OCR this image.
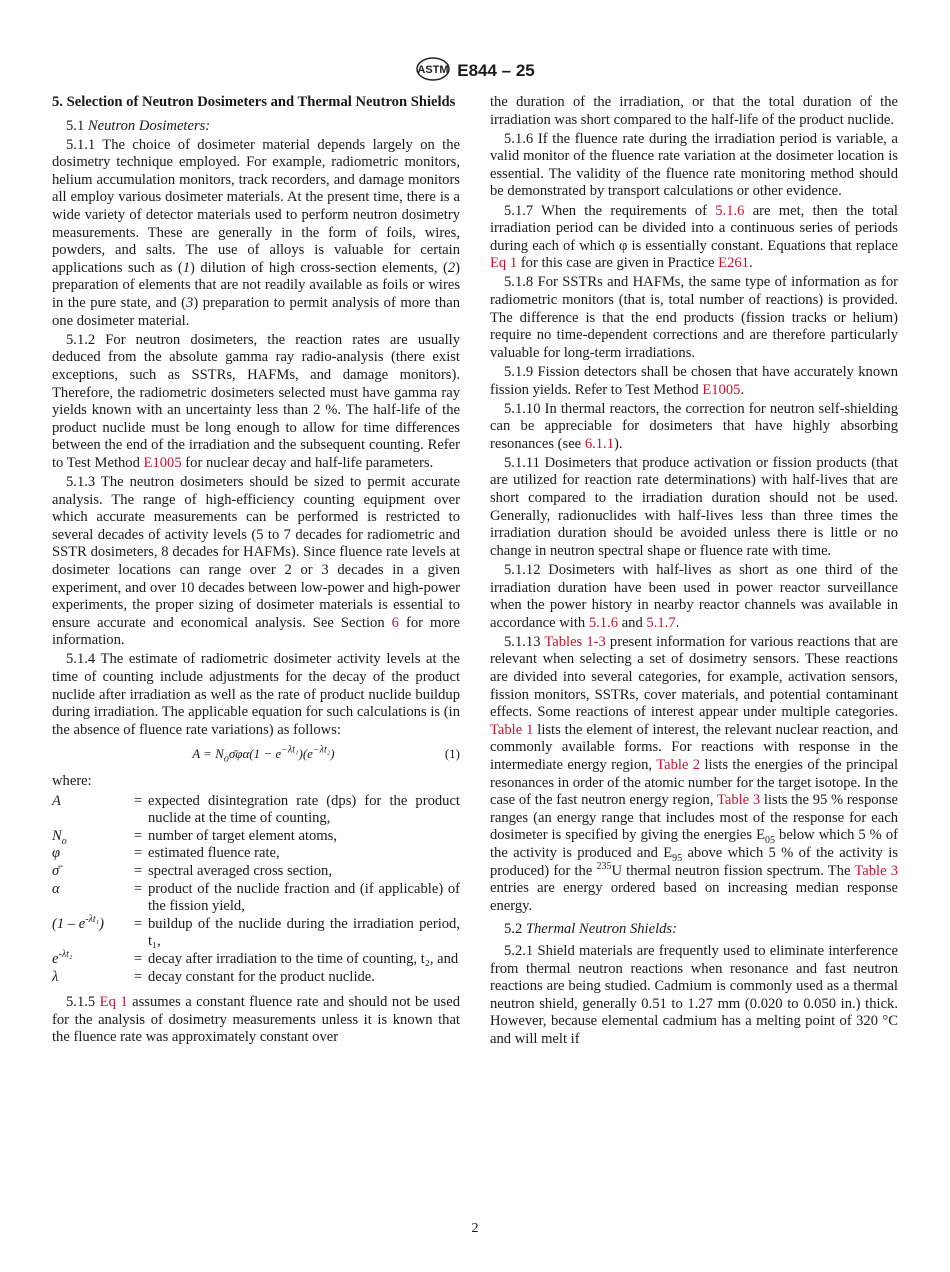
ASTM E844 – 25

5. Selection of Neutron Dosimeters and Thermal Neutron Shields

5.1 Neutron Dosimeters:

5.1.1 The choice of dosimeter material depends largely on the dosimetry technique employed. For example, radiometric monitors, helium accumulation monitors, track recorders, and damage monitors all employ various dosimeter materials. At the present time, there is a wide variety of detector materials used to perform neutron dosimetry measurements. These are generally in the form of foils, wires, powders, and salts. The use of alloys is valuable for certain applications such as (1) dilution of high cross-section elements, (2) preparation of elements that are not readily available as foils or wires in the pure state, and (3) preparation to permit analysis of more than one dosimeter material.

5.1.2 For neutron dosimeters, the reaction rates are usually deduced from the absolute gamma ray radio-analysis (there exist exceptions, such as SSTRs, HAFMs, and damage monitors). Therefore, the radiometric dosimeters selected must have gamma ray yields known with an uncertainty less than 2 %. The half-life of the product nuclide must be long enough to allow for time differences between the end of the irradiation and the subsequent counting. Refer to Test Method E1005 for nuclear decay and half-life parameters.

5.1.3 The neutron dosimeters should be sized to permit accurate analysis. The range of high-efficiency counting equipment over which accurate measurements can be performed is restricted to several decades of activity levels (5 to 7 decades for radiometric and SSTR dosimeters, 8 decades for HAFMs). Since fluence rate levels at dosimeter locations can range over 2 or 3 decades in a given experiment, and over 10 decades between low-power and high-power experiments, the proper sizing of dosimeter materials is essential to ensure accurate and economical analysis. See Section 6 for more information.

5.1.4 The estimate of radiometric dosimeter activity levels at the time of counting include adjustments for the decay of the product nuclide after irradiation as well as the rate of product nuclide buildup during irradiation. The applicable equation for such calculations is (in the absence of fluence rate variations) as follows:

$A = N_o\sigmā\varphi\alpha(1 - e^{-\lambda t_1})(e^{-\lambda t_2})$	(1)
where:
A	= expected disintegration rate (dps) for the product nuclide at the time of counting,
$N_o$	= number of target element atoms,
φ	= estimated fluence rate,
σ̄	= spectral averaged cross section,
α	= product of the nuclide fraction and (if applicable) of the fission yield,
$(1 - e^{-\lambda t_1})$	= buildup of the nuclide during the irradiation period, t₁,
$e^{-\lambda t_2}$	= decay after irradiation to the time of counting, t₂, and
λ	= decay constant for the product nuclide.

5.1.5 Eq 1 assumes a constant fluence rate and should not be used for the analysis of dosimetry measurements unless it is known that the fluence rate was approximately constant over

the duration of the irradiation, or that the total duration of the irradiation was short compared to the half-life of the product nuclide.

5.1.6 If the fluence rate during the irradiation period is variable, a valid monitor of the fluence rate variation at the dosimeter location is essential. The validity of the fluence rate monitoring method should be demonstrated by transport calculations or other evidence.

5.1.7 When the requirements of 5.1.6 are met, then the total irradiation period can be divided into a continuous series of periods during each of which φ is essentially constant. Equations that replace Eq 1 for this case are given in Practice E261.

5.1.8 For SSTRs and HAFMs, the same type of information as for radiometric monitors (that is, total number of reactions) is provided. The difference is that the end products (fission tracks or helium) require no time-dependent corrections and are therefore particularly valuable for long-term irradiations.

5.1.9 Fission detectors shall be chosen that have accurately known fission yields. Refer to Test Method E1005.

5.1.10 In thermal reactors, the correction for neutron self-shielding can be appreciable for dosimeters that have highly absorbing resonances (see 6.1.1).

5.1.11 Dosimeters that produce activation or fission products (that are utilized for reaction rate determinations) with half-lives that are short compared to the irradiation duration should not be used. Generally, radionuclides with half-lives less than three times the irradiation duration should be avoided unless there is little or no change in neutron spectral shape or fluence rate with time.

5.1.12 Dosimeters with half-lives as short as one third of the irradiation duration have been used in power reactor surveillance when the power history in nearby reactor channels was available in accordance with 5.1.6 and 5.1.7.

5.1.13 Tables 1-3 present information for various reactions that are relevant when selecting a set of dosimetry sensors. These reactions are divided into several categories, for example, activation sensors, fission monitors, SSTRs, cover materials, and potential contaminant effects. Some reactions of interest appear under multiple categories. Table 1 lists the element of interest, the relevant nuclear reaction, and commonly available forms. For reactions with response in the intermediate energy region, Table 2 lists the energies of the principal resonances in order of the atomic number for the target isotope. In the case of the fast neutron energy region, Table 3 lists the 95 % response ranges (an energy range that includes most of the response for each dosimeter is specified by giving the energies $E_{05}$ below which 5 % of the activity is produced and $E_{95}$ above which 5 % of the activity is produced) for the $^{235}$U thermal neutron fission spectrum. The Table 3 entries are energy ordered based on increasing median response energy.

5.2 Thermal Neutron Shields:

5.2.1 Shield materials are frequently used to eliminate interference from thermal neutron reactions when resonance and fast neutron reactions are being studied. Cadmium is commonly used as a thermal neutron shield, generally 0.51 to 1.27 mm (0.020 to 0.050 in.) thick. However, because elemental cadmium has a melting point of 320 °C and will melt if

2
